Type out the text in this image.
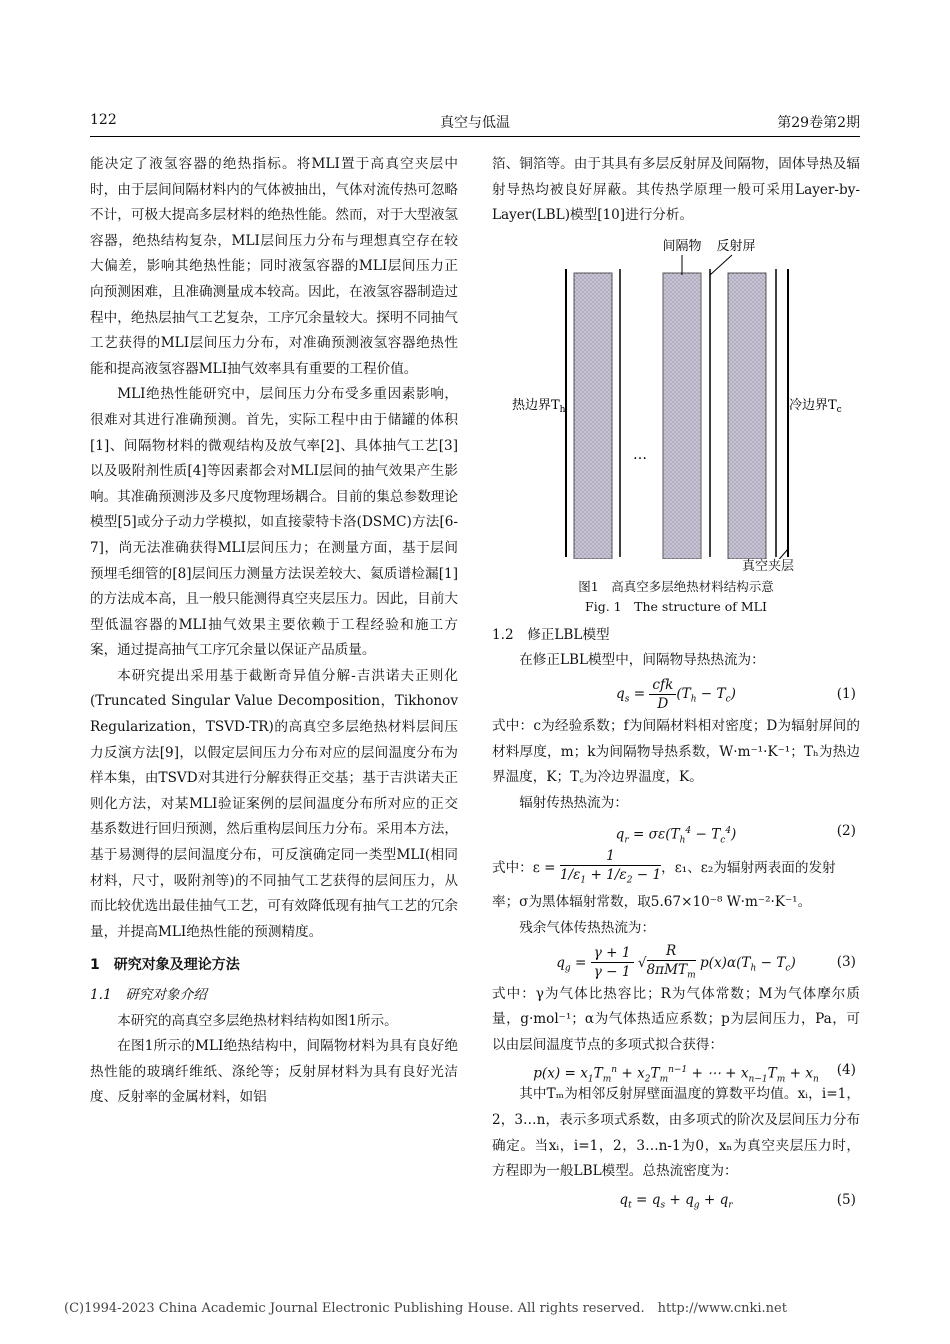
122	真空与低温	第29卷第2期

能决定了液氢容器的绝热指标。将MLI置于高真空夹层中时，由于层间间隔材料内的气体被抽出，气体对流传热可忽略不计，可极大提高多层材料的绝热性能。然而，对于大型液氢容器，绝热结构复杂，MLI层间压力分布与理想真空存在较大偏差，影响其绝热性能；同时液氢容器的MLI层间压力正向预测困难，且准确测量成本较高。因此，在液氢容器制造过程中，绝热层抽气工艺复杂，工序冗余量较大。探明不同抽气工艺获得的MLI层间压力分布，对准确预测液氢容器绝热性能和提高液氢容器MLI抽气效率具有重要的工程价值。

MLI绝热性能研究中，层间压力分布受多重因素影响，很难对其进行准确预测。首先，实际工程中由于储罐的体积[1]、间隔物材料的微观结构及放气率[2]、具体抽气工艺[3]以及吸附剂性质[4]等因素都会对MLI层间的抽气效果产生影响。其准确预测涉及多尺度物理场耦合。目前的集总参数理论模型[5]或分子动力学模拟，如直接蒙特卡洛(DSMC)方法[6-7]，尚无法准确获得MLI层间压力；在测量方面，基于层间预埋毛细管的[8]层间压力测量方法误差较大、氦质谱检漏[1]的方法成本高，且一般只能测得真空夹层压力。因此，目前大型低温容器的MLI抽气效果主要依赖于工程经验和施工方案，通过提高抽气工序冗余量以保证产品质量。

本研究提出采用基于截断奇异值分解-吉洪诺夫正则化(Truncated Singular Value Decomposition，Tikhonov Regularization，TSVD-TR)的高真空多层绝热材料层间压力反演方法[9]，以假定层间压力分布对应的层间温度分布为样本集，由TSVD对其进行分解获得正交基；基于吉洪诺夫正则化方法，对某MLI验证案例的层间温度分布所对应的正交基系数进行回归预测，然后重构层间压力分布。采用本方法，基于易测得的层间温度分布，可反演确定同一类型MLI(相同材料，尺寸，吸附剂等)的不同抽气工艺获得的层间压力，从而比较优选出最佳抽气工艺，可有效降低现有抽气工艺的冗余量，并提高MLI绝热性能的预测精度。

1　研究对象及理论方法

1.1　研究对象介绍

本研究的高真空多层绝热材料结构如图1所示。

在图1所示的MLI绝热结构中，间隔物材料为具有良好绝热性能的玻璃纤维纸、涤纶等；反射屏材料为具有良好光洁度、反射率的金属材料，如铝

箔、铜箔等。由于其具有多层反射屏及间隔物，固体导热及辐射导热均被良好屏蔽。其传热学原理一般可采用Layer-by-Layer(LBL)模型[10]进行分析。

…
间隔物 反射屏
热边界$T_h$	冷边界$T_c$

真空夹层

图1　高真空多层绝热材料结构示意

Fig. 1　The structure of MLI

1.2　修正LBL模型

在修正LBL模型中，间隔物导热热流为：

$q_s = \frac{\text{cfk}}{D} (T_h - T_c)$	(1)

式中：c为经验系数；f为间隔材料相对密度；D为辐射屏间的材料厚度，m；k为间隔物导热系数，W·m⁻¹·K⁻¹；Tₕ为热边界温度，K；T꜀为冷边界温度，K。

辐射传热热流为：

$q_r = \sigma\varepsilon(T_h^4 - T_c^4)$	(2)

式中：$\varepsilon = \frac{1}{1/\varepsilon_1 + 1/\varepsilon_2 - 1}$ ，ε₁、ε₂为辐射两表面的发射

率；σ为黑体辐射常数，取5.67×10⁻⁸ W·m⁻²·K⁻¹。

残余气体传热热流为：

$q_g = \frac{\gamma + 1}{\gamma - 1}$ √ $\frac{R}{8\pi MT_m} p(x)\alpha(T_h - T_c)$	(3)

式中：γ为气体比热容比；R为气体常数；M为气体摩尔质量，g·mol⁻¹；α为气体热适应系数；p为层间压力，Pa，可以由层间温度节点的多项式拟合获得：

$p(x) = x_1T_m^n + x_2T_m^{n-1}$ + ⋯ + $x_{n-1}T_m + x_n$
(4)

其中Tₘ为相邻反射屏壁面温度的算数平均值。xᵢ，i=1，2，3…n，表示多项式系数，由多项式的阶次及层间压力分布确定。当xᵢ，i=1，2，3…n-1为0，xₙ为真空夹层压力时，方程即为一般LBL模型。总热流密度为：

$q_t = q_s + q_g + q_r$	(5)
(C)1994-2023 China Academic Journal Electronic Publishing House. All rights reserved.　http://www.cnki.net
